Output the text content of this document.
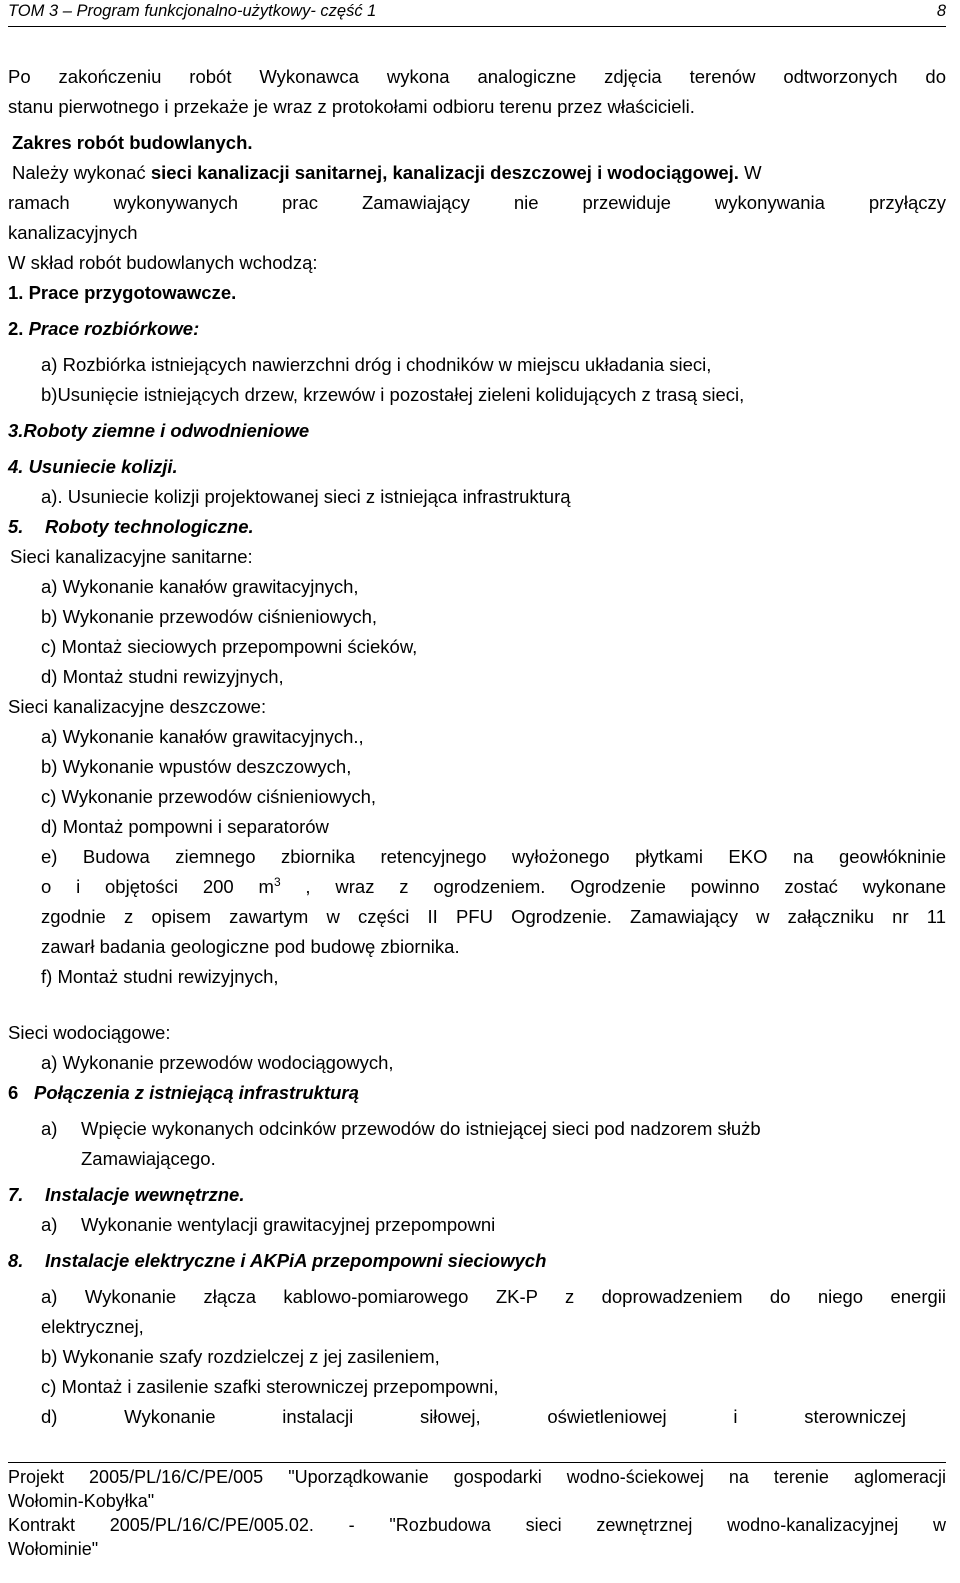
TOM 3 – Program funkcjonalno-użytkowy- część 1	8

Po zakończeniu robót Wykonawca wykona analogiczne zdjęcia terenów odtworzonych do

stanu pierwotnego i przekaże je wraz z protokołami odbioru terenu przez właścicieli.

Zakres robót budowlanych.

Należy wykonać sieci kanalizacji sanitarnej, kanalizacji deszczowej i wodociągowej. W

ramach wykonywanych prac Zamawiający nie przewiduje wykonywania przyłączy

kanalizacyjnych

W skład robót budowlanych wchodzą:

1. Prace przygotowawcze.

2. Prace rozbiórkowe:

a) Rozbiórka istniejących nawierzchni dróg i chodników w miejscu układania sieci,

b)Usunięcie istniejących drzew, krzewów i pozostałej zieleni kolidujących z trasą sieci,

3.Roboty ziemne i odwodnieniowe

4. Usuniecie kolizji.

a). Usuniecie kolizji projektowanej sieci z istniejąca infrastrukturą

5.	Roboty technologiczne.

Sieci kanalizacyjne sanitarne:

a) Wykonanie kanałów grawitacyjnych,

b) Wykonanie przewodów ciśnieniowych,

c) Montaż sieciowych przepompowni ścieków,

d) Montaż studni rewizyjnych,

Sieci kanalizacyjne deszczowe:

a) Wykonanie kanałów grawitacyjnych.,

b) Wykonanie wpustów deszczowych,

c) Wykonanie przewodów ciśnieniowych,

d) Montaż pompowni i separatorów

e) Budowa ziemnego zbiornika retencyjnego wyłożonego płytkami EKO na geowłókninie

o i objętości 200 $m^3$ , wraz z ogrodzeniem. Ogrodzenie powinno zostać wykonane

zgodnie z opisem zawartym w części II PFU Ogrodzenie. Zamawiający w załączniku nr 11

zawarł badania geologiczne pod budowę zbiornika.

f) Montaż studni rewizyjnych,

Sieci wodociągowe:

a) Wykonanie przewodów wodociągowych,

6 Połączenia z istniejącą infrastrukturą
a)	Wpięcie wykonanych odcinków przewodów do istniejącej sieci pod nadzorem służb
Zamawiającego.
7.	Instalacje wewnętrzne.
a)	Wykonanie wentylacji grawitacyjnej przepompowni
8.	Instalacje elektryczne i AKPiA przepompowni sieciowych

a) Wykonanie złącza kablowo-pomiarowego ZK-P z doprowadzeniem do niego energii

elektrycznej,

b) Wykonanie szafy rozdzielczej z jej zasileniem,

c) Montaż i zasilenie szafki sterowniczej przepompowni,

d) Wykonanie instalacji siłowej, oświetleniowej i sterowniczej

Projekt 2005/PL/16/C/PE/005 "Uporządkowanie gospodarki wodno-ściekowej na terenie aglomeracji
Wołomin-Kobyłka"
Kontrakt 2005/PL/16/C/PE/005.02. - "Rozbudowa sieci zewnętrznej wodno-kanalizacyjnej w
Wołominie"
